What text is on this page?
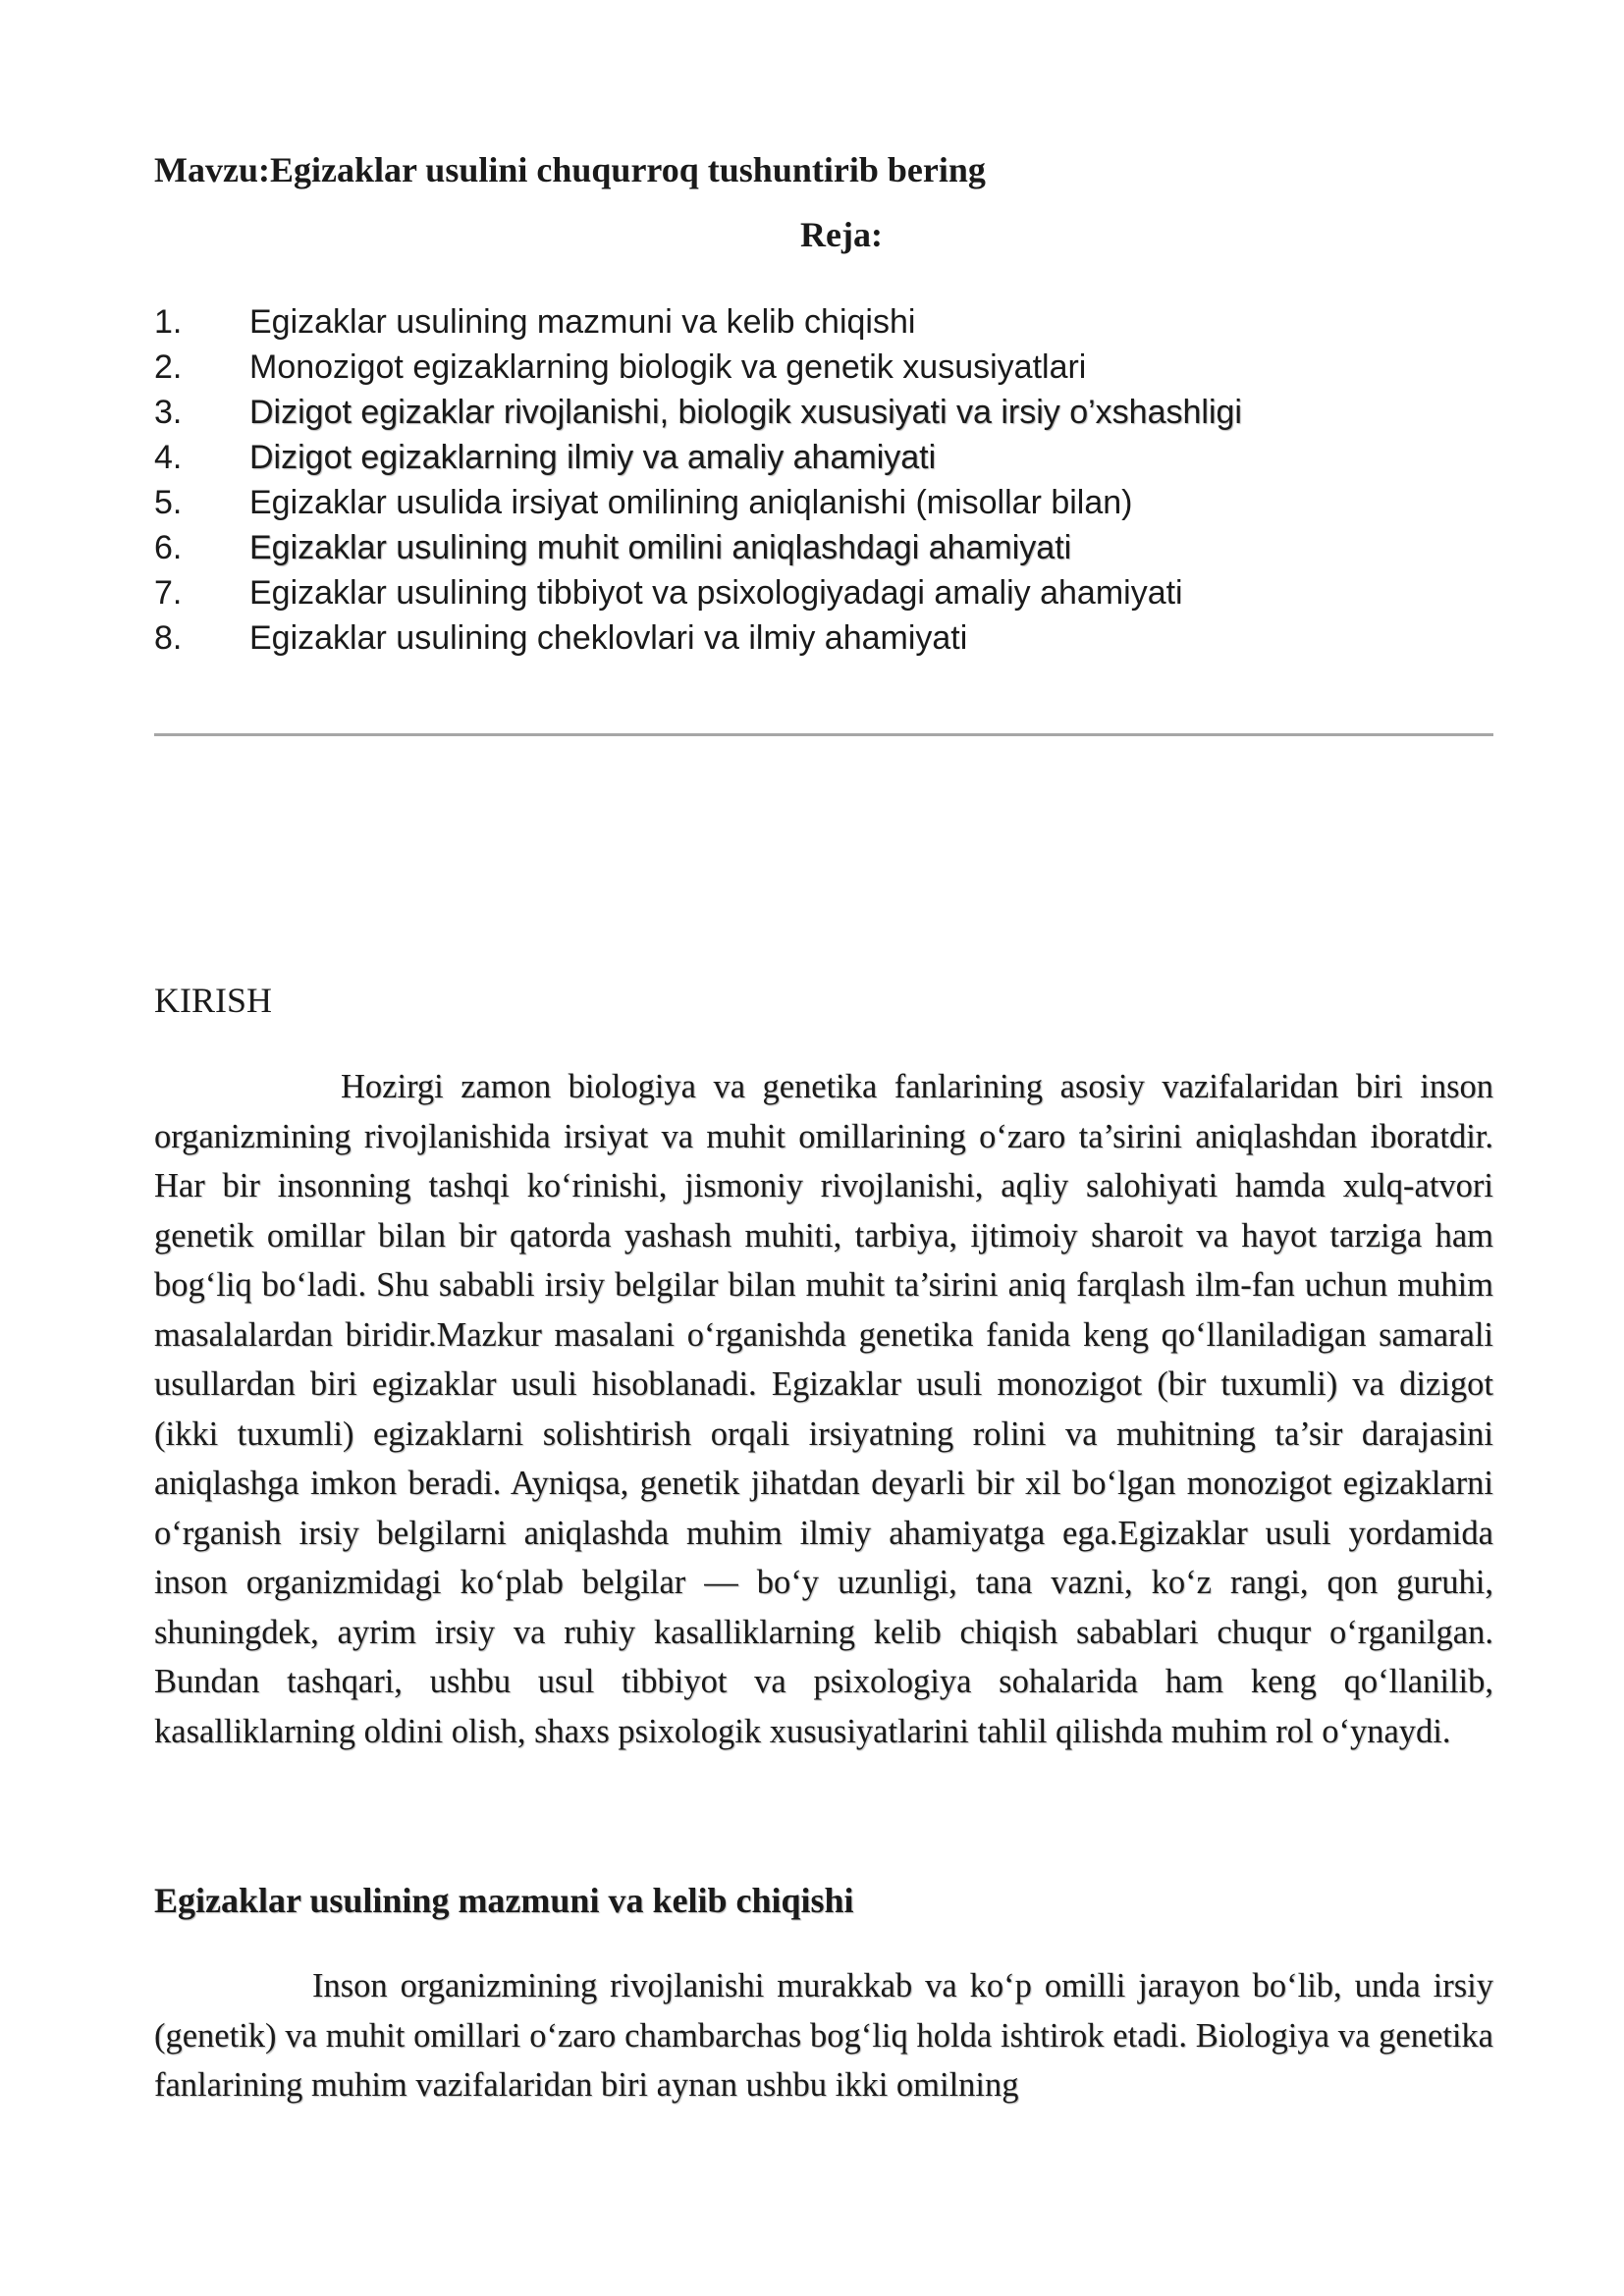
Mavzu:Egizaklar usulini chuqurroq tushuntirib bering
Reja:
1.	Egizaklar usulining mazmuni va kelib chiqishi
2.	Monozigot egizaklarning biologik va genetik xususiyatlari
3.	Dizigot egizaklar rivojlanishi, biologik xususiyati va irsiy o’xshashligi
4.	Dizigot egizaklarning ilmiy va amaliy ahamiyati
5.	Egizaklar usulida irsiyat omilining aniqlanishi (misollar bilan)
6.	Egizaklar usulining muhit omilini aniqlashdagi ahamiyati
7.	Egizaklar usulining tibbiyot va psixologiyadagi amaliy ahamiyati
8.	Egizaklar usulining cheklovlari va ilmiy ahamiyati
KIRISH

Hozirgi zamon biologiya va genetika fanlarining asosiy vazifalaridan biri inson organizmining rivojlanishida irsiyat va muhit omillarining o‘zaro ta’sirini aniqlashdan iboratdir. Har bir insonning tashqi ko‘rinishi, jismoniy rivojlanishi, aqliy salohiyati hamda xulq-atvori genetik omillar bilan bir qatorda yashash muhiti, tarbiya, ijtimoiy sharoit va hayot tarziga ham bog‘liq bo‘ladi. Shu sababli irsiy belgilar bilan muhit ta’sirini aniq farqlash ilm-fan uchun muhim masalalardan biridir.Mazkur masalani o‘rganishda genetika fanida keng qo‘llaniladigan samarali usullardan biri egizaklar usuli hisoblanadi. Egizaklar usuli monozigot (bir tuxumli) va dizigot (ikki tuxumli) egizaklarni solishtirish orqali irsiyatning rolini va muhitning ta’sir darajasini aniqlashga imkon beradi. Ayniqsa, genetik jihatdan deyarli bir xil bo‘lgan monozigot egizaklarni o‘rganish irsiy belgilarni aniqlashda muhim ilmiy ahamiyatga ega.Egizaklar usuli yordamida inson organizmidagi ko‘plab belgilar — bo‘y uzunligi, tana vazni, ko‘z rangi, qon guruhi, shuningdek, ayrim irsiy va ruhiy kasalliklarning kelib chiqish sabablari chuqur o‘rganilgan. Bundan tashqari, ushbu usul tibbiyot va psixologiya sohalarida ham keng qo‘llanilib, kasalliklarning oldini olish, shaxs psixologik xususiyatlarini tahlil qilishda muhim rol o‘ynaydi.

Egizaklar usulining mazmuni va kelib chiqishi

Inson organizmining rivojlanishi murakkab va ko‘p omilli jarayon bo‘lib, unda irsiy (genetik) va muhit omillari o‘zaro chambarchas bog‘liq holda ishtirok etadi. Biologiya va genetika fanlarining muhim vazifalaridan biri aynan ushbu ikki omilning
